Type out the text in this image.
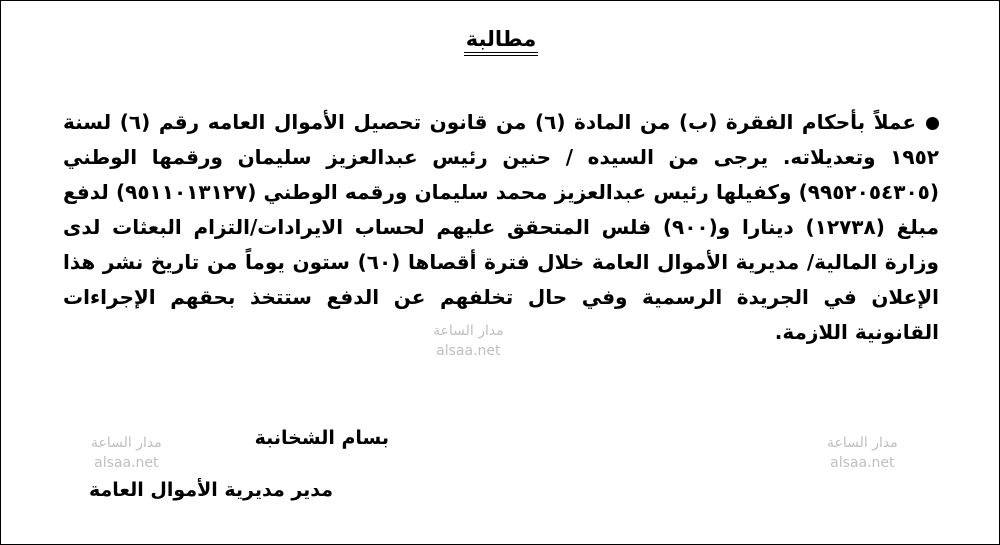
مطالبة
عملاً بأحكام الفقرة (ب) من المادة (٦) من قانون تحصيل الأموال العامه رقم (٦) لسنة ١٩٥٢ وتعديلاته. يرجى من السيده / حنين رئيس عبدالعزيز سليمان ورقمها الوطني (٩٩٥٢٠٥٤٣٠٥) وكفيلها رئيس عبدالعزيز محمد سليمان ورقمه الوطني (٩٥١١٠١٣١٢٧) لدفع مبلغ (١٢٧٣٨) دينارا و(٩٠٠) فلس المتحقق عليهم لحساب الايرادات/التزام البعثات لدى وزارة المالية/ مديرية الأموال العامة خلال فترة أقصاها (٦٠) ستون يوماً من تاريخ نشر هذا الإعلان في الجريدة الرسمية وفي حال تخلفهم عن الدفع ستتخذ بحقهم الإجراءات القانونية اللازمة.
بسام الشخانبة
مدير مديرية الأموال العامة
مدار الساعة
alsaa.net
مدار الساعة
alsaa.net
مدار الساعة
alsaa.net
